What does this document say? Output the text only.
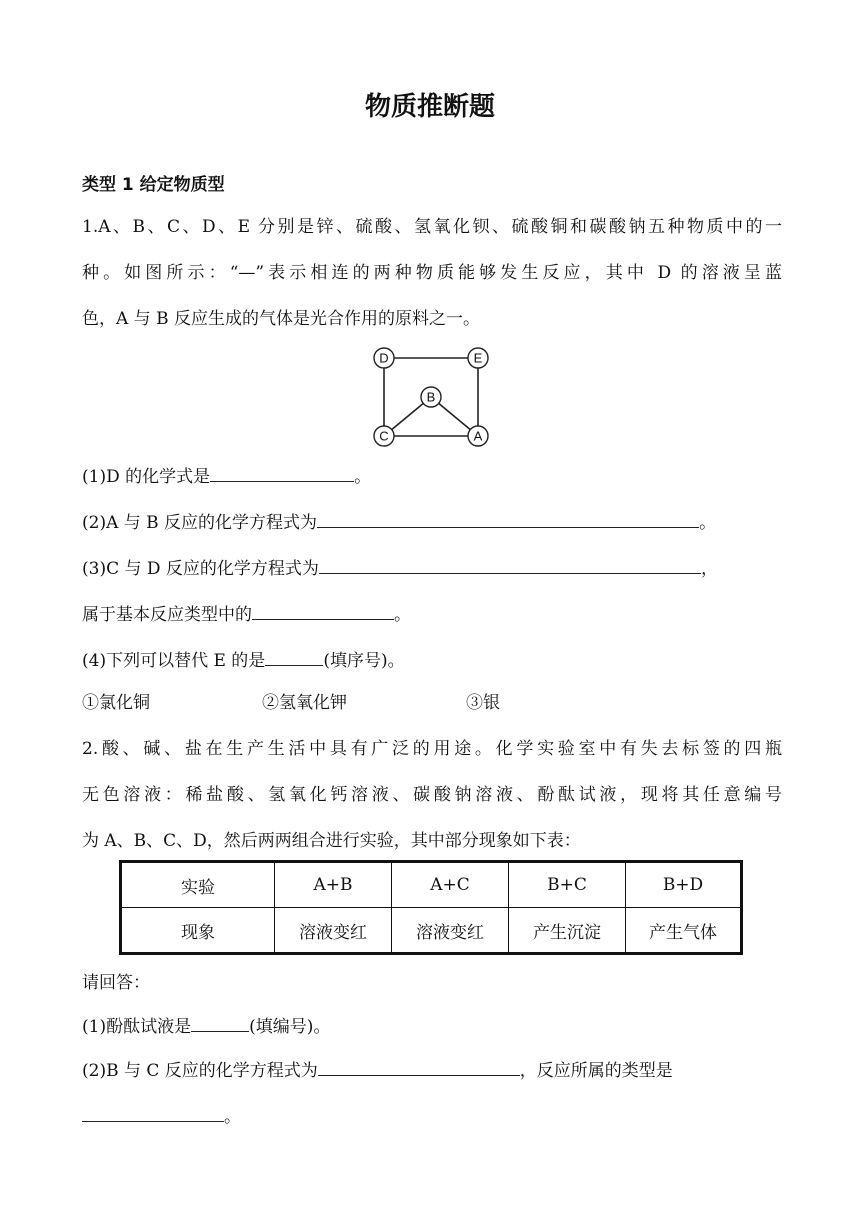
物质推断题
类型 1 给定物质型
1.A、B、C、D、E 分别是锌、硫酸、氢氧化钡、硫酸铜和碳酸钠五种物质中的一
种。如图所示：“—”表示相连的两种物质能够发生反应，其中 D 的溶液呈蓝
色，A 与 B 反应生成的气体是光合作用的原料之一。
D	E
B
C	A
(1)D 的化学式是	。
(2)A 与 B 反应的化学方程式为	。
(3)C 与 D 反应的化学方程式为	，
属于基本反应类型中的	。
(4)下列可以替代 E 的是	(填序号)。
①氯化铜	②氢氧化钾	③银
2.酸、碱、盐在生产生活中具有广泛的用途。化学实验室中有失去标签的四瓶
无色溶液：稀盐酸、氢氧化钙溶液、碳酸钠溶液、酚酞试液，现将其任意编号
为 A、B、C、D，然后两两组合进行实验，其中部分现象如下表：
实验	A+B	A+C	B+C	B+D
现象	溶液变红	溶液变红	产生沉淀	产生气体
请回答：
(1)酚酞试液是	(填编号)。
(2)B 与 C 反应的化学方程式为	，反应所属的类型是
。
